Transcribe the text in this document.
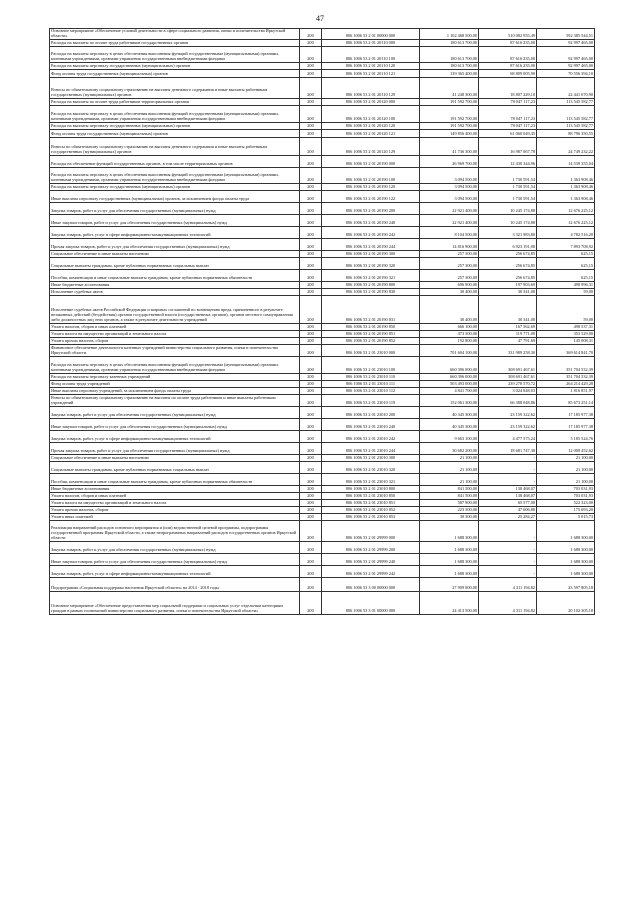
47
Основное мероприятие «Обеспечение условий деятельности в сфере социального развития, опеки и попечительства Иркутской области»	200	806 1006 53 2 01 00000 000	1 102 468 500,00	510 082 955,49	592 385 544,51
Расходы на выплаты по оплате труда работников государственных органов	200	806 1006 53 2 01 20110 000	180 613 700,00	87 616 235,00	92 997 465,00
Расходы на выплаты персоналу в целях обеспечения выполнения функций государственными (муниципальными) органами, казенными учреждениями, органами управления государственными внебюджетными фондами	200	806 1006 53 2 01 20110 100	180 613 700,00	87 616 235,00	92 997 465,00
Расходы на выплаты персоналу государственных (муниципальных) органов	200	806 1006 53 2 01 20110 120	180 613 700,00	87 616 235,00	92 997 465,00
Фонд оплаты труда государственных (муниципальных) органов	200	806 1006 53 2 01 20110 121	139 365 400,00	68 809 005,90	70 556 394,10
Взносы по обязательному социальному страхованию на выплаты денежного содержания и иные выплаты работникам государственных (муниципальных) органов	200	806 1006 53 2 01 20110 129	41 248 300,00	18 807 229,10	22 441 070,90
Расходы на выплаты по оплате труда работников территориальных органов	200	806 1006 53 2 01 20120 000	191 592 700,00	78 047 117,23	113 545 582,77
Расходы на выплаты персоналу в целях обеспечения выполнения функций государственными (муниципальными) органами, казенными учреждениями, органами управления государственными внебюджетными фондами	200	806 1006 53 2 01 20120 100	191 592 700,00	78 047 117,23	113 545 582,77
Расходы на выплаты персоналу государственных (муниципальных) органов	200	806 1006 53 2 01 20120 120	191 592 700,00	78 047 117,23	113 545 582,77
Фонд оплаты труда государственных (муниципальных) органов	200	806 1006 53 2 01 20120 121	149 856 400,00	61 060 049,45	88 796 350,55
Взносы по обязательному социальному страхованию на выплаты денежного содержания и иные выплаты работникам государственных (муниципальных) органов	200	806 1006 53 2 01 20120 129	41 736 300,00	16 987 067,78	24 749 232,22
Расходы на обеспечение функций государственных органов, в том числе территориальных органов	200	806 1006 53 2 01 20190 000	26 969 700,00	12 430 344,96	14 539 355,04
Расходы на выплаты персоналу в целях обеспечения выполнения функций государственными (муниципальными) органами, казенными учреждениями, органами управления государственными внебюджетными фондами	200	806 1006 53 2 01 20190 100	3 094 500,00	1 730 591,54	1 363 908,46
Расходы на выплаты персоналу государственных (муниципальных) органов	200	806 1006 53 2 01 20190 120	3 094 500,00	1 730 591,54	1 363 908,46
Иные выплаты персоналу государственных (муниципальных) органов, за исключением фонда оплаты труда	200	806 1006 53 2 01 20190 122	3 094 500,00	1 730 591,54	1 363 908,46
Закупка товаров, работ и услуг для обеспечения государственных (муниципальных) нужд	200	806 1006 53 2 01 20190 200	22 921 400,00	10 245 174,88	12 676 225,12
Иные закупки товаров, работ и услуг для обеспечения государственных (муниципальных) нужд	200	806 1006 53 2 01 20190 240	22 921 400,00	10 245 174,88	12 676 225,12
Закупка товаров, работ, услуг в сфере информационно-коммуникационных технологий	200	806 1006 53 2 01 20190 242	8 104 500,00	3 321 983,80	4 782 516,20
Прочая закупка товаров, работ и услуг для обеспечения государственных (муниципальных) нужд	200	806 1006 53 2 01 20190 244	14 816 900,00	6 923 191,08	7 893 708,92
Социальное обеспечение и иные выплаты населению	200	806 1006 53 2 01 20190 300	257 300,00	256 674,85	625,15
Социальные выплаты гражданам, кроме публичных нормативных социальных выплат	200	806 1006 53 2 01 20190 320	257 300,00	256 674,85	625,15
Пособия, компенсации и иные социальные выплаты гражданам, кроме публичных нормативных обязательств	200	806 1006 53 2 01 20190 321	257 300,00	256 674,85	625,15
Иные бюджетные ассигнования	200	806 1006 53 2 01 20190 800	696 900,00	197 903,69	498 996,31
Исполнение судебных актов	200	806 1006 53 2 01 20190 830	30 400,00	30 341,00	59,00
Исполнение судебных актов Российской Федерации и мировых соглашений по возмещению вреда, причиненного в результате незаконных действий (бездействия) органов государственной власти (государственных органов), органов местного самоуправления либо должностных лиц этих органов, а также в результате деятельности учреждений	200	806 1006 53 2 01 20190 831	30 400,00	30 341,00	59,00
Уплата налогов, сборов и иных платежей	200	806 1006 53 2 01 20190 850	666 100,00	167 562,69	498 537,31
Уплата налога на имущество организаций и земельного налога	200	806 1006 53 2 01 20190 851	473 300,00	119 771,00	353 529,00
Уплата прочих налогов, сборов	200	806 1006 53 2 01 20190 852	192 800,00	47 791,69	145 008,31
Финансовое обеспечение деятельности казенных учреждений министерства социального развития, опеки и попечительства Иркутской области	200	806 1006 53 2 01 23010 000	701 604 100,00	331 989 258,30	369 614 841,70
Расходы на выплаты персоналу в целях обеспечения выполнения функций государственными (муниципальными) органами, казенными учреждениями, органами управления государственными внебюджетными фондами	200	806 1006 53 2 01 23010 100	660 396 000,00	308 691 467,61	351 704 532,39
Расходы на выплаты персоналу казенных учреждений	200	806 1006 53 2 01 23010 110	660 396 000,00	308 691 467,61	351 704 532,39
Фонд оплаты труда учреждений	200	806 1006 53 2 01 23010 111	503 493 000,00	239 278 570,72	264 214 429,28
Иные выплаты персоналу учреждений, за исключением фонда оплаты труда	200	806 1006 53 2 01 23010 112	4 841 700,00	3 024 848,03	1 816 851,97
Взносы по обязательному социальному страхованию на выплаты по оплате труда работников и иные выплаты работникам учреждений	200	806 1006 53 2 01 23010 119	152 061 300,00	66 388 048,86	85 673 251,14
Закупка товаров, работ и услуг для обеспечения государственных (муниципальных) нужд	200	806 1006 53 2 01 23010 200	40 345 300,00	23 159 322,62	17 185 977,38
Иные закупки товаров, работ и услуг для обеспечения государственных (муниципальных) нужд	200	806 1006 53 2 01 23010 240	40 345 300,00	23 159 322,62	17 185 977,38
Закупка товаров, работ, услуг в сфере информационно-коммуникационных технологий	200	806 1006 53 2 01 23010 242	9 663 100,00	4 477 575,24	5 185 524,76
Прочая закупка товаров, работ и услуг для обеспечения государственных (муниципальных) нужд	200	806 1006 53 2 01 23010 244	30 682 200,00	18 681 747,38	12 000 452,62
Социальное обеспечение и иные выплаты населению	200	806 1006 53 2 01 23010 300	21 100,00	-	21 100,00
Социальные выплаты гражданам, кроме публичных нормативных социальных выплат	200	806 1006 53 2 01 23010 320	21 100,00	-	21 100,00
Пособия, компенсации и иные социальные выплаты гражданам, кроме публичных нормативных обязательств	200	806 1006 53 2 01 23010 321	21 100,00	-	21 100,00
Иные бюджетные ассигнования	200	806 1006 53 2 01 23010 800	841 500,00	138 468,07	703 031,93
Уплата налогов, сборов и иных платежей	200	806 1006 53 2 01 23010 850	841 500,00	138 468,07	703 031,93
Уплата налога на имущество организаций и земельного налога	200	806 1006 53 2 01 23010 851	587 900,00	65 577,00	522 323,00
Уплата прочих налогов, сборов	200	806 1006 53 2 01 23010 852	223 300,00	47 606,80	175 693,20
Уплата иных платежей	200	806 1006 53 2 01 23010 853	30 300,00	25 284,27	5 015,73
Реализация направлений расходов основного мероприятия и (или) ведомственной целевой программы, подпрограммы государственной программы Иркутской области, а также непрограммных направлений расходов государственных органов Иркутской области	200	806 1006 53 2 01 29999 000	1 688 300,00	-	1 688 300,00
Закупка товаров, работ и услуг для обеспечения государственных (муниципальных) нужд	200	806 1006 53 2 01 29999 200	1 688 300,00	-	1 688 300,00
Иные закупки товаров, работ и услуг для обеспечения государственных (муниципальных) нужд	200	806 1006 53 2 01 29999 240	1 688 300,00	-	1 688 300,00
Закупка товаров, работ, услуг в сфере информационно-коммуникационных технологий	200	806 1006 53 2 01 29999 242	1 688 300,00	-	1 688 300,00
Подпрограмма «Социальная поддержка населения Иркутской области» на 2014 - 2018 годы	200	806 1006 53 3 00 00000 000	27 909 000,00	4 311 194,82	23 597 805,18
Основное мероприятие «Обеспечение предоставления мер социальной поддержки и социальных услуг отдельным категориям граждан в рамках полномочий министерства социального развития, опеки и попечительства Иркутской области»	200	806 1006 53 3 01 00000 000	24 413 500,00	4 311 194,82	20 102 305,18
